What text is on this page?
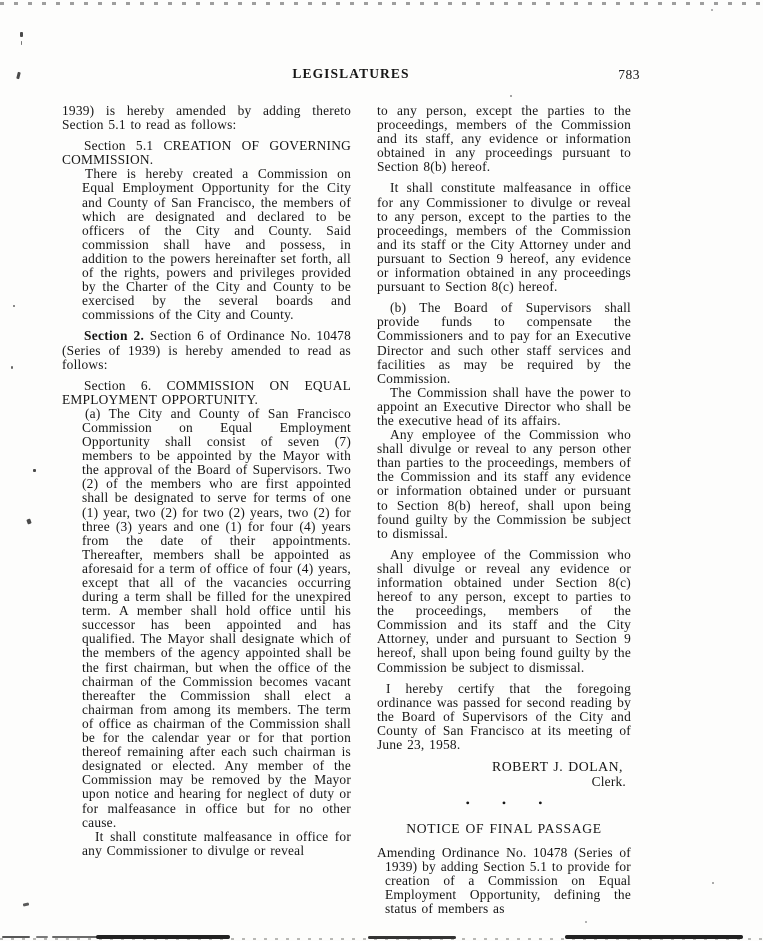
LEGISLATURES	783

1939) is hereby amended by adding thereto Section 5.1 to read as follows:

Section 5.1 CREATION OF GOVERNING COMMISSION.

There is hereby created a Commission on Equal Employment Opportunity for the City and County of San Francisco, the members of which are designated and declared to be officers of the City and County. Said commission shall have and possess, in addition to the powers hereinafter set forth, all of the rights, powers and privileges provided by the Charter of the City and County to be exercised by the several boards and commissions of the City and County.

Section 2. Section 6 of Ordinance No. 10478 (Series of 1939) is hereby amended to read as follows:

Section 6. COMMISSION ON EQUAL EMPLOYMENT OPPORTUNITY.

(a) The City and County of San Francisco Commission on Equal Employment Opportunity shall consist of seven (7) members to be appointed by the Mayor with the approval of the Board of Supervisors. Two (2) of the members who are first appointed shall be designated to serve for terms of one (1) year, two (2) for two (2) years, two (2) for three (3) years and one (1) for four (4) years from the date of their appointments. Thereafter, members shall be appointed as aforesaid for a term of office of four (4) years, except that all of the vacancies occurring during a term shall be filled for the unexpired term. A member shall hold office until his successor has been appointed and has qualified. The Mayor shall designate which of the members of the agency appointed shall be the first chairman, but when the office of the chairman of the Commission becomes vacant thereafter the Commission shall elect a chairman from among its members. The term of office as chairman of the Commission shall be for the calendar year or for that portion thereof remaining after each such chairman is designated or elected. Any member of the Commission may be removed by the Mayor upon notice and hearing for neglect of duty or for malfeasance in office but for no other cause.

It shall constitute malfeasance in office for any Commissioner to divulge or reveal

to any person, except the parties to the proceedings, members of the Commission and its staff, any evidence or information obtained in any proceedings pursuant to Section 8(b) hereof.

It shall constitute malfeasance in office for any Commissioner to divulge or reveal to any person, except to the parties to the proceedings, members of the Commission and its staff or the City Attorney under and pursuant to Section 9 hereof, any evidence or information obtained in any proceedings pursuant to Section 8(c) hereof.

(b) The Board of Supervisors shall provide funds to compensate the Commissioners and to pay for an Executive Director and such other staff services and facilities as may be required by the Commission.

The Commission shall have the power to appoint an Executive Director who shall be the executive head of its affairs.

Any employee of the Commission who shall divulge or reveal to any person other than parties to the proceedings, members of the Commission and its staff any evidence or information obtained under or pursuant to Section 8(b) hereof, shall upon being found guilty by the Commission be subject to dismissal.

Any employee of the Commission who shall divulge or reveal any evidence or information obtained under Section 8(c) hereof to any person, except to parties to the proceedings, members of the Commission and its staff and the City Attorney, under and pursuant to Section 9 hereof, shall upon being found guilty by the Commission be subject to dismissal.

I hereby certify that the foregoing ordinance was passed for second reading by the Board of Supervisors of the City and County of San Francisco at its meeting of June 23, 1958.

ROBERT J. DOLAN,

Clerk.

• • •

NOTICE OF FINAL PASSAGE

Amending Ordinance No. 10478 (Series of 1939) by adding Section 5.1 to provide for creation of a Commission on Equal Employment Opportunity, defining the status of members as
